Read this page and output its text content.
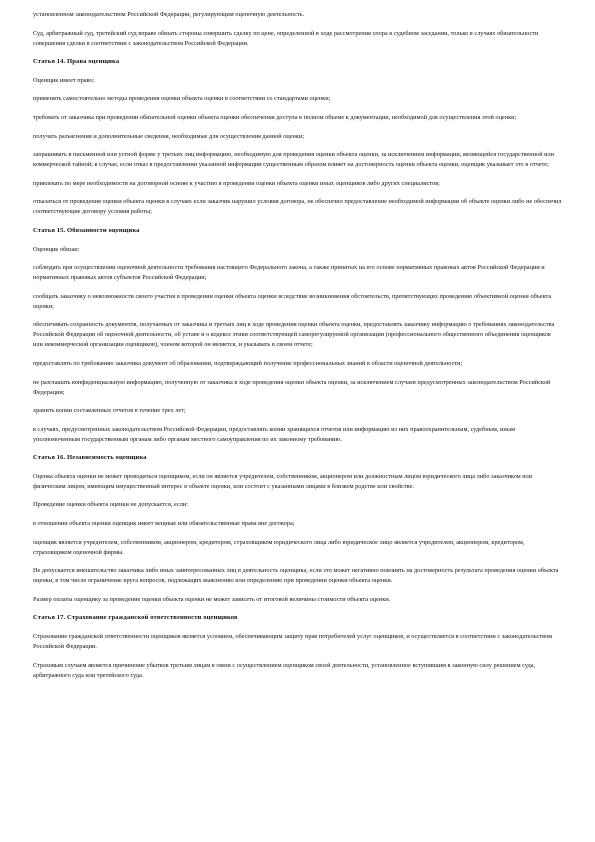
установленном законодательством Российской Федерации, регулирующим оценочную деятельность.

Суд, арбитражный суд, третейский суд вправе обязать стороны совершить сделку по цене, определенной в ходе рассмотрения спора в судебном заседании, только в случаях обязательности совершения сделки в соответствии с законодательством Российской Федерации.

Статья 14. Права оценщика

Оценщик имеет право:

применять самостоятельно методы проведения оценки объекта оценки в соответствии со стандартами оценки;

требовать от заказчика при проведении обязательной оценки объекта оценки обеспечения доступа в полном объеме к документации, необходимой для осуществления этой оценки;

получать разъяснения и дополнительные сведения, необходимые для осуществления данной оценки;

запрашивать в письменной или устной форме у третьих лиц информацию, необходимую для проведения оценки объекта оценки, за исключением информации, являющейся государственной или коммерческой тайной; в случае, если отказ в предоставлении указанной информации существенным образом влияет на достоверность оценки объекта оценки, оценщик указывает это в отчете;

привлекать по мере необходимости на договорной основе к участию в проведении оценки объекта оценки иных оценщиков либо других специалистов;

отказаться от проведения оценки объекта оценки в случаях если заказчик нарушил условия договора, не обеспечил предоставление необходимой информации об объекте оценки либо не обеспечил соответствующие договору условия работы;

Статья 15. Обязанности оценщика

Оценщик обязан:

соблюдать при осуществлении оценочной деятельности требования настоящего Федерального закона, а также принятых на его основе нормативных правовых актов Российской Федерации и нормативных правовых актов субъектов Российской Федерации;

сообщать заказчику о невозможности своего участия в проведении оценки объекта оценки вследствие возникновения обстоятельств, препятствующих проведению объективной оценки объекта оценки;

обеспечивать сохранность документов, получаемых от заказчика и третьих лиц в ходе проведения оценки объекта оценки, предоставлять заказчику информацию о требованиях законодательства Российской Федерации об оценочной деятельности, об уставе и о кодексе этики соответствующей саморегулируемой организации (профессионального общественного объединения оценщиков или некоммерческой организации оценщиков), членом которой он является, и указывать в своем отчете;

предоставлять по требованию заказчика документ об образовании, подтверждающий получение профессиональных знаний в области оценочной деятельности;

не разглашать конфиденциальную информацию, полученную от заказчика в ходе проведения оценки объекта оценки, за исключением случаев предусмотренных законодательством Российской Федерации;

хранить копии составленных отчетов в течение трех лет;

в случаях, предусмотренных законодательством Российской Федерации, предоставлять копии хранящихся отчетов или информацию из них правоохранительным, судебным, иным уполномоченным государственным органам либо органам местного самоуправления по их законному требованию.

Статья 16. Независимость оценщика

Оценка объекта оценки не может проводиться оценщиком, если он является учредителем, собственником, акционером или должностным лицом юридического лица либо заказчиком или физическим лицом, имеющим имущественный интерес в объекте оценки, или состоит с указанными лицами в близком родстве или свойстве.

Проведение оценки объекта оценки не допускается, если:

в отношении объекта оценки оценщик имеет вещные или обязательственные права вне договора;

оценщик является учредителем, собственником, акционером, кредитором, страховщиком юридического лица либо юридическое лицо является учредителем, акционером, кредитором, страховщиком оценочной фирмы.

Не допускается вмешательство заказчика либо иных заинтересованных лиц в деятельность оценщика, если это может негативно повлиять на достоверность результата проведения оценки объекта оценки, в том числе ограничение круга вопросов, подлежащих выяснению или определению при проведении оценки объекта оценки.

Размер оплаты оценщику за проведение оценки объекта оценки не может зависеть от итоговой величины стоимости объекта оценки.

Статья 17. Страхование гражданской ответственности оценщиков

Страхование гражданской ответственности оценщиков является условием, обеспечивающим защиту прав потребителей услуг оценщиков, и осуществляется в соответствии с законодательством Российской Федерации.

Страховым случаем является причинение убытков третьим лицам в связи с осуществлением оценщиком своей деятельности, установленное вступившим в законную силу решением суда, арбитражного суда или третейского суда.
